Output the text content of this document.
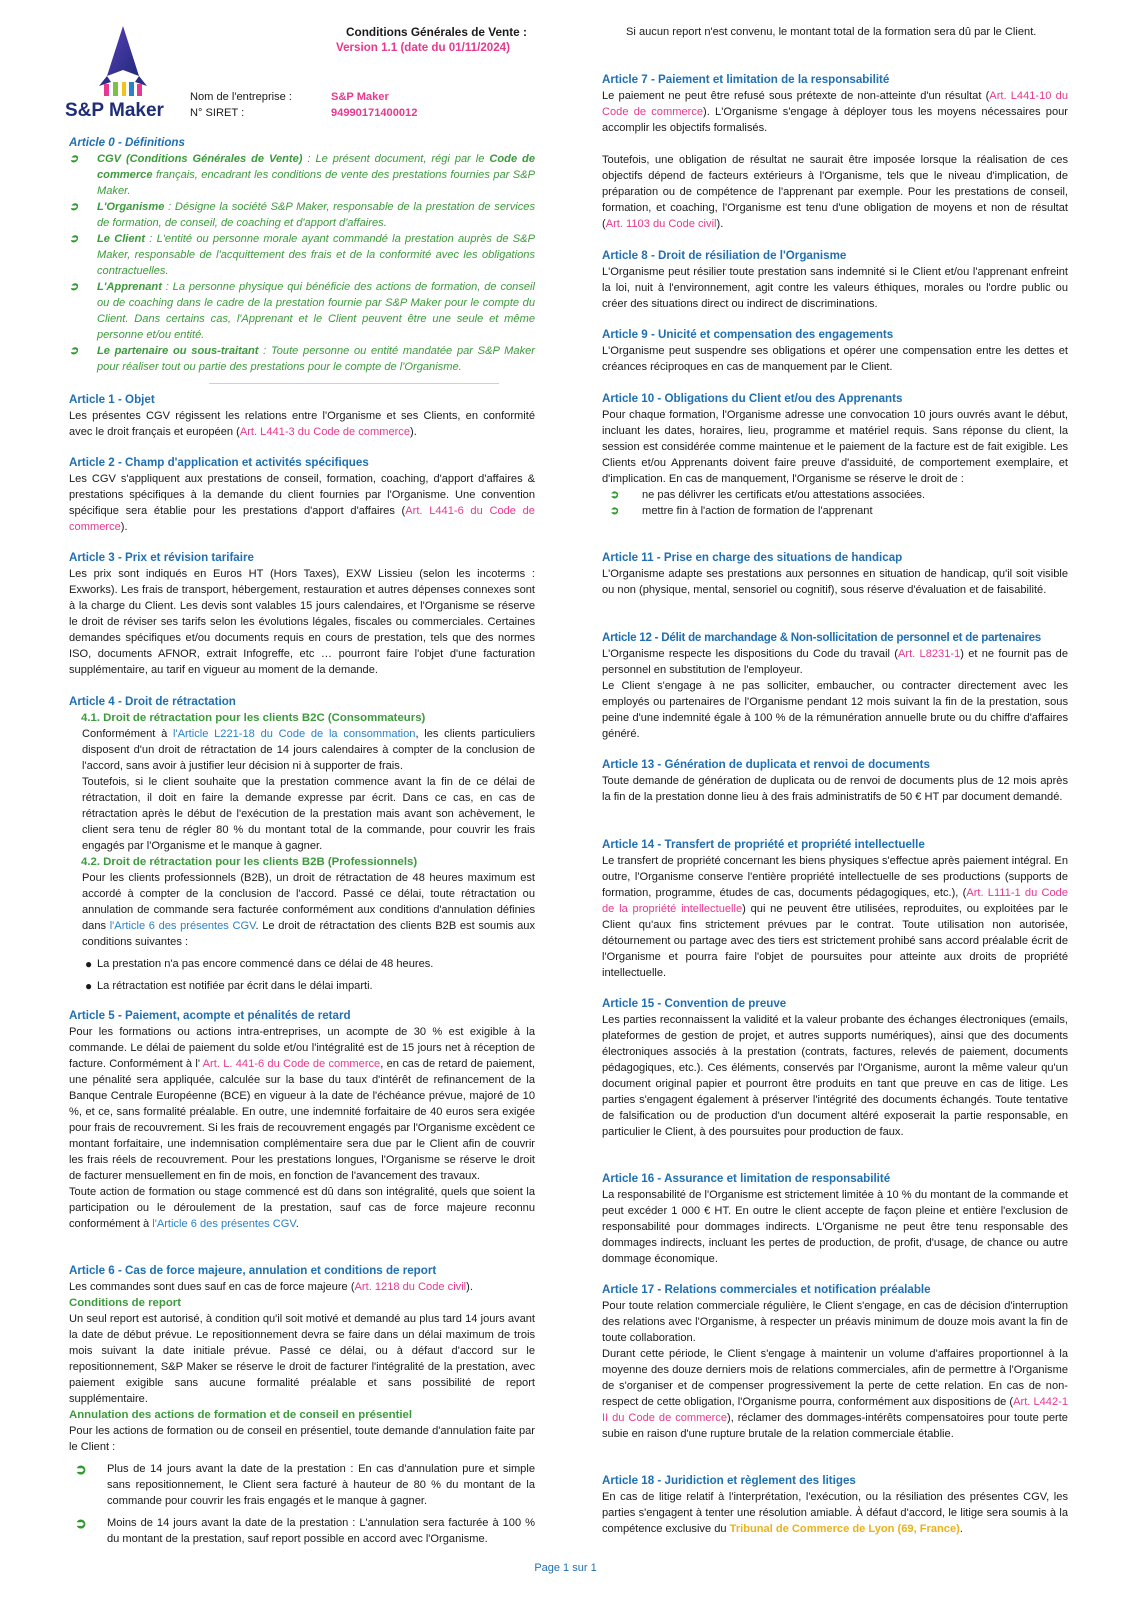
S&P Maker
Conditions Générales de Vente :
Version 1.1 (date du 01/11/2024)
Nom de l'entreprise :	S&P Maker
N° SIRET :	94990171400012
Article 0 - Définitions
➲ CGV (Conditions Générales de Vente) : Le présent document, régi par le Code de commerce français, encadrant les conditions de vente des prestations fournies par S&P Maker.
➲ L'Organisme : Désigne la société S&P Maker, responsable de la prestation de services de formation, de conseil, de coaching et d'apport d'affaires.
➲ Le Client : L'entité ou personne morale ayant commandé la prestation auprès de S&P Maker, responsable de l'acquittement des frais et de la conformité avec les obligations contractuelles.
➲ L'Apprenant : La personne physique qui bénéficie des actions de formation, de conseil ou de coaching dans le cadre de la prestation fournie par S&P Maker pour le compte du Client. Dans certains cas, l'Apprenant et le Client peuvent être une seule et même personne et/ou entité.
➲ Le partenaire ou sous-traitant : Toute personne ou entité mandatée par S&P Maker pour réaliser tout ou partie des prestations pour le compte de l'Organisme.
Article 1 - Objet
Les présentes CGV régissent les relations entre l'Organisme et ses Clients, en conformité avec le droit français et européen (Art. L441-3 du Code de commerce).
Article 2 - Champ d'application et activités spécifiques
Les CGV s'appliquent aux prestations de conseil, formation, coaching, d'apport d'affaires & prestations spécifiques à la demande du client fournies par l'Organisme. Une convention spécifique sera établie pour les prestations d'apport d'affaires (Art. L441-6 du Code de commerce).
Article 3 - Prix et révision tarifaire
Les prix sont indiqués en Euros HT (Hors Taxes), EXW Lissieu (selon les incoterms : Exworks). Les frais de transport, hébergement, restauration et autres dépenses connexes sont à la charge du Client. Les devis sont valables 15 jours calendaires, et l'Organisme se réserve le droit de réviser ses tarifs selon les évolutions légales, fiscales ou commerciales. Certaines demandes spécifiques et/ou documents requis en cours de prestation, tels que des normes ISO, documents AFNOR, extrait Infogreffe, etc … pourront faire l'objet d'une facturation supplémentaire, au tarif en vigueur au moment de la demande.
Article 4 - Droit de rétractation
4.1. Droit de rétractation pour les clients B2C (Consommateurs)
Conformément à l'Article L221-18 du Code de la consommation, les clients particuliers disposent d'un droit de rétractation de 14 jours calendaires à compter de la conclusion de l'accord, sans avoir à justifier leur décision ni à supporter de frais.
Toutefois, si le client souhaite que la prestation commence avant la fin de ce délai de rétractation, il doit en faire la demande expresse par écrit. Dans ce cas, en cas de rétractation après le début de l'exécution de la prestation mais avant son achèvement, le client sera tenu de régler 80 % du montant total de la commande, pour couvrir les frais engagés par l'Organisme et le manque à gagner.
4.2. Droit de rétractation pour les clients B2B (Professionnels)
Pour les clients professionnels (B2B), un droit de rétractation de 48 heures maximum est accordé à compter de la conclusion de l'accord. Passé ce délai, toute rétractation ou annulation de commande sera facturée conformément aux conditions d'annulation définies dans l'Article 6 des présentes CGV. Le droit de rétractation des clients B2B est soumis aux conditions suivantes :
● La prestation n'a pas encore commencé dans ce délai de 48 heures.
● La rétractation est notifiée par écrit dans le délai imparti.
Article 5 - Paiement, acompte et pénalités de retard
Pour les formations ou actions intra-entreprises, un acompte de 30 % est exigible à la commande. Le délai de paiement du solde et/ou l'intégralité est de 15 jours net à réception de facture. Conformément à l' Art. L. 441-6 du Code de commerce, en cas de retard de paiement, une pénalité sera appliquée, calculée sur la base du taux d'intérêt de refinancement de la Banque Centrale Européenne (BCE) en vigueur à la date de l'échéance prévue, majoré de 10 %, et ce, sans formalité préalable. En outre, une indemnité forfaitaire de 40 euros sera exigée pour frais de recouvrement. Si les frais de recouvrement engagés par l'Organisme excèdent ce montant forfaitaire, une indemnisation complémentaire sera due par le Client afin de couvrir les frais réels de recouvrement. Pour les prestations longues, l'Organisme se réserve le droit de facturer mensuellement en fin de mois, en fonction de l'avancement des travaux.
Toute action de formation ou stage commencé est dû dans son intégralité, quels que soient la participation ou le déroulement de la prestation, sauf cas de force majeure reconnu conformément à l'Article 6 des présentes CGV.
Article 6 - Cas de force majeure, annulation et conditions de report
Les commandes sont dues sauf en cas de force majeure (Art. 1218 du Code civil).
Conditions de report
Un seul report est autorisé, à condition qu'il soit motivé et demandé au plus tard 14 jours avant la date de début prévue. Le repositionnement devra se faire dans un délai maximum de trois mois suivant la date initiale prévue. Passé ce délai, ou à défaut d'accord sur le repositionnement, S&P Maker se réserve le droit de facturer l'intégralité de la prestation, avec paiement exigible sans aucune formalité préalable et sans possibilité de report supplémentaire.
Annulation des actions de formation et de conseil en présentiel
Pour les actions de formation ou de conseil en présentiel, toute demande d'annulation faite par le Client :
➲ Plus de 14 jours avant la date de la prestation : En cas d'annulation pure et simple sans repositionnement, le Client sera facturé à hauteur de 80 % du montant de la commande pour couvrir les frais engagés et le manque à gagner.
➲ Moins de 14 jours avant la date de la prestation : L'annulation sera facturée à 100 % du montant de la prestation, sauf report possible en accord avec l'Organisme.
Si aucun report n'est convenu, le montant total de la formation sera dû par le Client.
Article 7 - Paiement et limitation de la responsabilité
Le paiement ne peut être refusé sous prétexte de non-atteinte d'un résultat (Art. L441-10 du Code de commerce). L'Organisme s'engage à déployer tous les moyens nécessaires pour accomplir les objectifs formalisés.
Toutefois, une obligation de résultat ne saurait être imposée lorsque la réalisation de ces objectifs dépend de facteurs extérieurs à l'Organisme, tels que le niveau d'implication, de préparation ou de compétence de l'apprenant par exemple. Pour les prestations de conseil, formation, et coaching, l'Organisme est tenu d'une obligation de moyens et non de résultat (Art. 1103 du Code civil).
Article 8 - Droit de résiliation de l'Organisme
L'Organisme peut résilier toute prestation sans indemnité si le Client et/ou l'apprenant enfreint la loi, nuit à l'environnement, agit contre les valeurs éthiques, morales ou l'ordre public ou créer des situations direct ou indirect de discriminations.
Article 9 - Unicité et compensation des engagements
L'Organisme peut suspendre ses obligations et opérer une compensation entre les dettes et créances réciproques en cas de manquement par le Client.
Article 10 - Obligations du Client et/ou des Apprenants
Pour chaque formation, l'Organisme adresse une convocation 10 jours ouvrés avant le début, incluant les dates, horaires, lieu, programme et matériel requis. Sans réponse du client, la session est considérée comme maintenue et le paiement de la facture est de fait exigible. Les Clients et/ou Apprenants doivent faire preuve d'assiduité, de comportement exemplaire, et d'implication. En cas de manquement, l'Organisme se réserve le droit de :
➲ ne pas délivrer les certificats et/ou attestations associées.
➲ mettre fin à l'action de formation de l'apprenant
Article 11 - Prise en charge des situations de handicap
L'Organisme adapte ses prestations aux personnes en situation de handicap, qu'il soit visible ou non (physique, mental, sensoriel ou cognitif), sous réserve d'évaluation et de faisabilité.
Article 12 - Délit de marchandage & Non-sollicitation de personnel et de partenaires
L'Organisme respecte les dispositions du Code du travail (Art. L8231-1) et ne fournit pas de personnel en substitution de l'employeur.
Le Client s'engage à ne pas solliciter, embaucher, ou contracter directement avec les employés ou partenaires de l'Organisme pendant 12 mois suivant la fin de la prestation, sous peine d'une indemnité égale à 100 % de la rémunération annuelle brute ou du chiffre d'affaires généré.
Article 13 - Génération de duplicata et renvoi de documents
Toute demande de génération de duplicata ou de renvoi de documents plus de 12 mois après la fin de la prestation donne lieu à des frais administratifs de 50 € HT par document demandé.
Article 14 - Transfert de propriété et propriété intellectuelle
Le transfert de propriété concernant les biens physiques s'effectue après paiement intégral. En outre, l'Organisme conserve l'entière propriété intellectuelle de ses productions (supports de formation, programme, études de cas, documents pédagogiques, etc.), (Art. L111-1 du Code de la propriété intellectuelle) qui ne peuvent être utilisées, reproduites, ou exploitées par le Client qu'aux fins strictement prévues par le contrat. Toute utilisation non autorisée, détournement ou partage avec des tiers est strictement prohibé sans accord préalable écrit de l'Organisme et pourra faire l'objet de poursuites pour atteinte aux droits de propriété intellectuelle.
Article 15 - Convention de preuve
Les parties reconnaissent la validité et la valeur probante des échanges électroniques (emails, plateformes de gestion de projet, et autres supports numériques), ainsi que des documents électroniques associés à la prestation (contrats, factures, relevés de paiement, documents pédagogiques, etc.). Ces éléments, conservés par l'Organisme, auront la même valeur qu'un document original papier et pourront être produits en tant que preuve en cas de litige. Les parties s'engagent également à préserver l'intégrité des documents échangés. Toute tentative de falsification ou de production d'un document altéré exposerait la partie responsable, en particulier le Client, à des poursuites pour production de faux.
Article 16 - Assurance et limitation de responsabilité
La responsabilité de l'Organisme est strictement limitée à 10 % du montant de la commande et peut excéder 1 000 € HT. En outre le client accepte de façon pleine et entière l'exclusion de responsabilité pour dommages indirects. L'Organisme ne peut être tenu responsable des dommages indirects, incluant les pertes de production, de profit, d'usage, de chance ou autre dommage économique.
Article 17 - Relations commerciales et notification préalable
Pour toute relation commerciale régulière, le Client s'engage, en cas de décision d'interruption des relations avec l'Organisme, à respecter un préavis minimum de douze mois avant la fin de toute collaboration.
Durant cette période, le Client s'engage à maintenir un volume d'affaires proportionnel à la moyenne des douze derniers mois de relations commerciales, afin de permettre à l'Organisme de s'organiser et de compenser progressivement la perte de cette relation. En cas de non-respect de cette obligation, l'Organisme pourra, conformément aux dispositions de (Art. L442-1 II du Code de commerce), réclamer des dommages-intérêts compensatoires pour toute perte subie en raison d'une rupture brutale de la relation commerciale établie.
Article 18 - Juridiction et règlement des litiges
En cas de litige relatif à l'interprétation, l'exécution, ou la résiliation des présentes CGV, les parties s'engagent à tenter une résolution amiable. À défaut d'accord, le litige sera soumis à la compétence exclusive du Tribunal de Commerce de Lyon (69, France).
Page 1 sur 1
